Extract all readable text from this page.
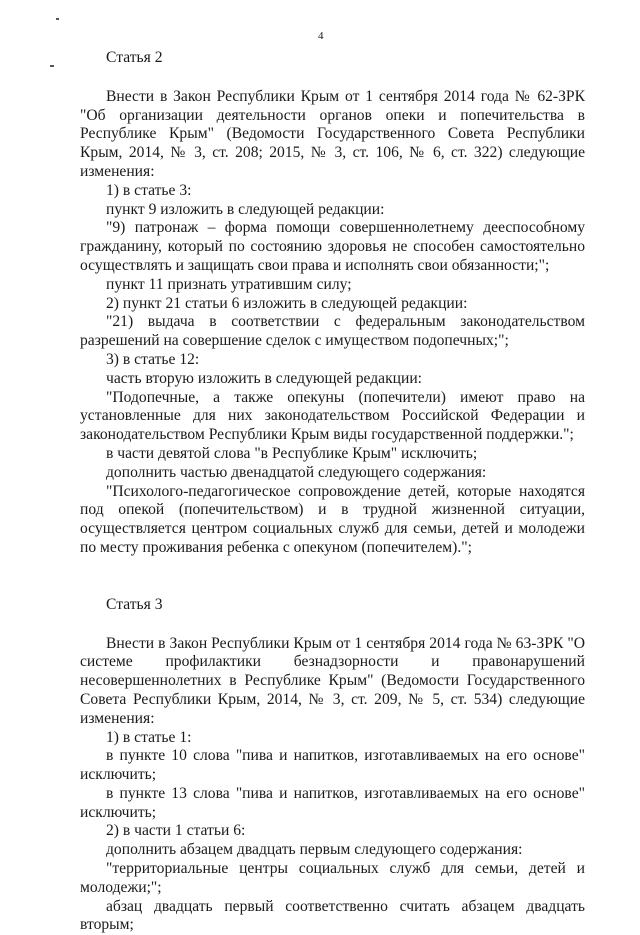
4

Статья 2

Внести в Закон Республики Крым от 1 сентября 2014 года № 62-ЗРК "Об организации деятельности органов опеки и попечительства в Республике Крым" (Ведомости Государственного Совета Республики Крым, 2014, № 3, ст. 208; 2015, № 3, ст. 106, № 6, ст. 322) следующие изменения:

1) в статье 3:

пункт 9 изложить в следующей редакции:

"9) патронаж – форма помощи совершеннолетнему дееспособному гражданину, который по состоянию здоровья не способен самостоятельно осуществлять и защищать свои права и исполнять свои обязанности;";

пункт 11 признать утратившим силу;

2) пункт 21 статьи 6 изложить в следующей редакции:

"21) выдача в соответствии с федеральным законодательством разрешений на совершение сделок с имуществом подопечных;";

3) в статье 12:

часть вторую изложить в следующей редакции:

"Подопечные, а также опекуны (попечители) имеют право на установленные для них законодательством Российской Федерации и законодательством Республики Крым виды государственной поддержки.";

в части девятой слова "в Республике Крым" исключить;

дополнить частью двенадцатой следующего содержания:

"Психолого-педагогическое сопровождение детей, которые находятся под опекой (попечительством) и в трудной жизненной ситуации, осуществляется центром социальных служб для семьи, детей и молодежи по месту проживания ребенка с опекуном (попечителем).";

Статья 3

Внести в Закон Республики Крым от 1 сентября 2014 года № 63-ЗРК "О системе профилактики безнадзорности и правонарушений несовершеннолетних в Республике Крым" (Ведомости Государственного Совета Республики Крым, 2014, № 3, ст. 209, № 5, ст. 534) следующие изменения:

1) в статье 1:

в пункте 10 слова "пива и напитков, изготавливаемых на его основе" исключить;

в пункте 13 слова "пива и напитков, изготавливаемых на его основе" исключить;

2) в части 1 статьи 6:

дополнить абзацем двадцать первым следующего содержания:

"территориальные центры социальных служб для семьи, детей и молодежи;";

абзац двадцать первый соответственно считать абзацем двадцать вторым;
